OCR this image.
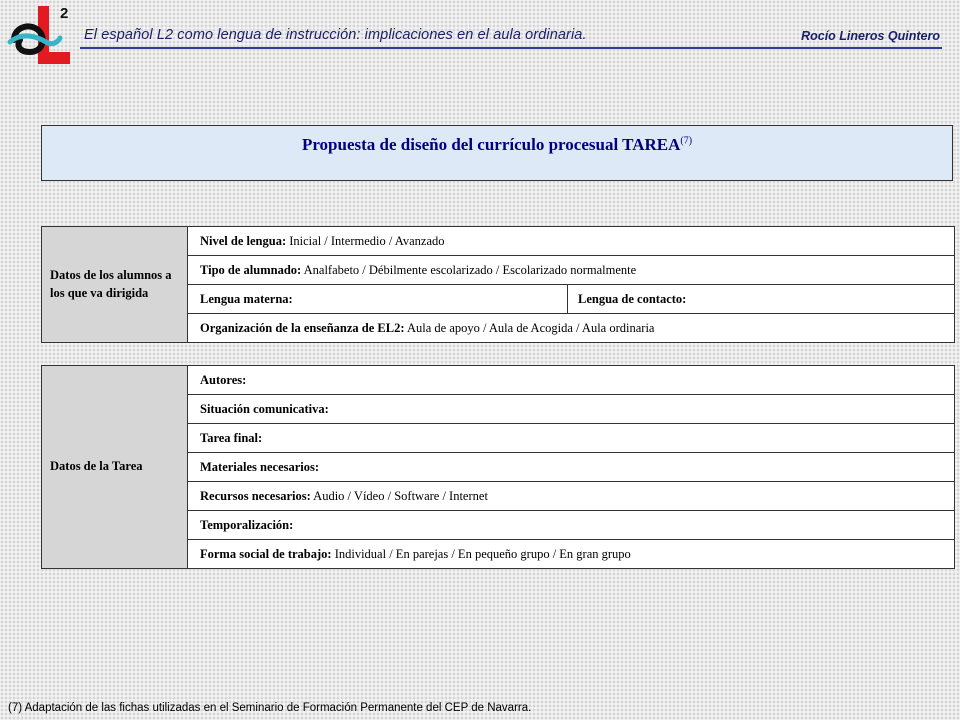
2
El español L2 como lengua de instrucción: implicaciones en el aula ordinaria.	Rocío Lineros Quintero
Propuesta de diseño del currículo procesual TAREA$^{(7)}$
Datos de los alumnos a los que va dirigida	Nivel de lengua: Inicial / Intermedio / Avanzado	
	Tipo de alumnado: Analfabeto / Débilmente escolarizado / Escolarizado normalmente	
	Lengua materna:	Lengua de contacto:
	Organización de la enseñanza de EL2: Aula de apoyo / Aula de Acogida / Aula ordinaria	
Datos de la Tarea	Autores:
Situación comunicativa:
Tarea final:
Materiales necesarios:
Recursos necesarios: Audio / Vídeo / Software / Internet
Temporalización:
Forma social de trabajo: Individual / En parejas / En pequeño grupo / En gran grupo
(7) Adaptación de las fichas utilizadas en el Seminario de Formación Permanente del CEP de Navarra.
